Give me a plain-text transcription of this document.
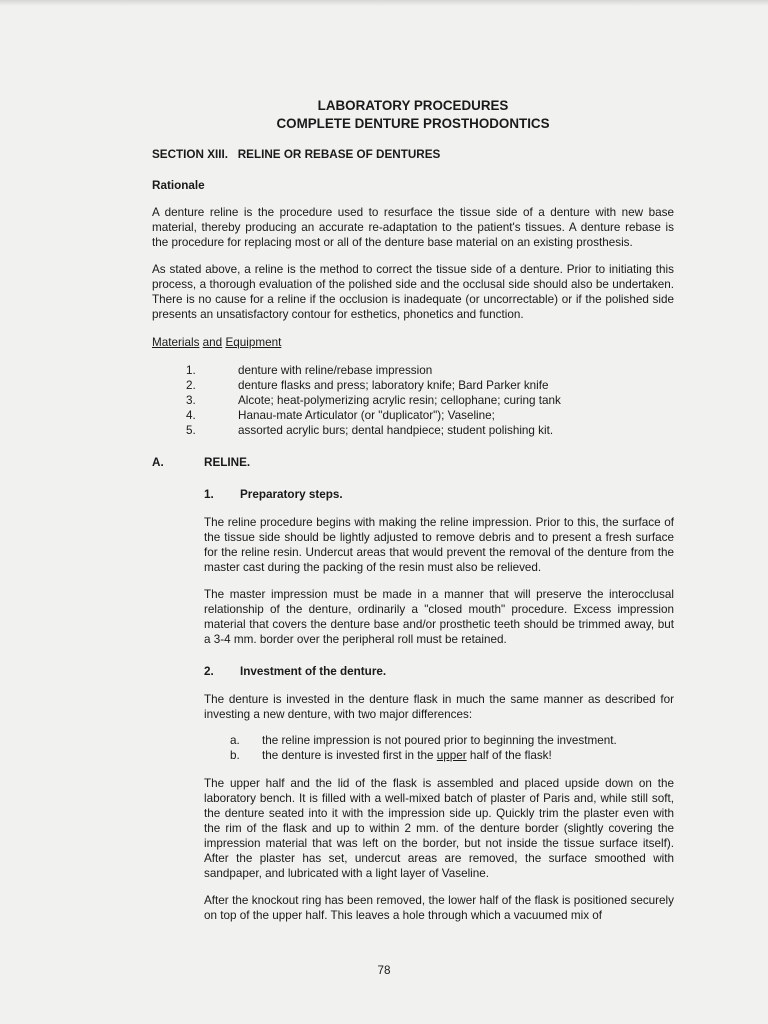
LABORATORY PROCEDURES
COMPLETE DENTURE PROSTHODONTICS
SECTION XIII.   RELINE OR REBASE OF DENTURES
Rationale

A denture reline is the procedure used to resurface the tissue side of a denture with new base material, thereby producing an accurate re-adaptation to the patient's tissues. A denture rebase is the procedure for replacing most or all of the denture base material on an existing prosthesis.

As stated above, a reline is the method to correct the tissue side of a denture. Prior to initiating this process, a thorough evaluation of the polished side and the occlusal side should also be undertaken. There is no cause for a reline if the occlusion is inadequate (or uncorrectable) or if the polished side presents an unsatisfactory contour for esthetics, phonetics and function.

Materials and Equipment
1.	denture with reline/rebase impression
2.	denture flasks and press; laboratory knife; Bard Parker knife
3.	Alcote; heat-polymerizing acrylic resin; cellophane; curing tank
4.	Hanau-mate Articulator (or "duplicator"); Vaseline;
5.	assorted acrylic burs; dental handpiece; student polishing kit.
A.	RELINE.
1.	Preparatory steps.

The reline procedure begins with making the reline impression. Prior to this, the surface of the tissue side should be lightly adjusted to remove debris and to present a fresh surface for the reline resin. Undercut areas that would prevent the removal of the denture from the master cast during the packing of the resin must also be relieved.

The master impression must be made in a manner that will preserve the interocclusal relationship of the denture, ordinarily a "closed mouth" procedure. Excess impression material that covers the denture base and/or prosthetic teeth should be trimmed away, but a 3-4 mm. border over the peripheral roll must be retained.

2.	Investment of the denture.

The denture is invested in the denture flask in much the same manner as described for investing a new denture, with two major differences:

a.	the reline impression is not poured prior to beginning the investment.
b.	the denture is invested first in the upper half of the flask!

The upper half and the lid of the flask is assembled and placed upside down on the laboratory bench. It is filled with a well-mixed batch of plaster of Paris and, while still soft, the denture seated into it with the impression side up. Quickly trim the plaster even with the rim of the flask and up to within 2 mm. of the denture border (slightly covering the impression material that was left on the border, but not inside the tissue surface itself). After the plaster has set, undercut areas are removed, the surface smoothed with sandpaper, and lubricated with a light layer of Vaseline.

After the knockout ring has been removed, the lower half of the flask is positioned securely on top of the upper half. This leaves a hole through which a vacuumed mix of

78
